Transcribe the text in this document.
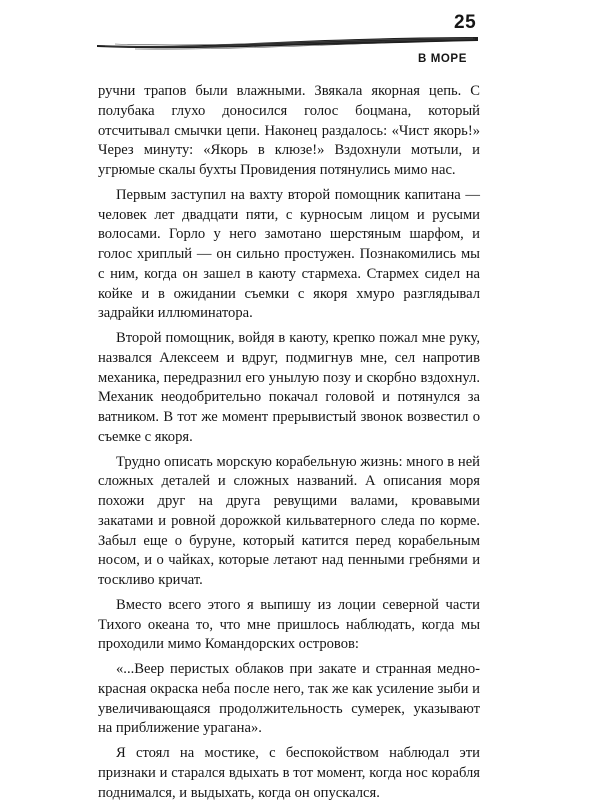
25
В МОРЕ

ручни трапов были влажными. Звякала якорная цепь. С полубака глухо доносился голос боцмана, который отсчитывал смычки цепи. Наконец раздалось: «Чист якорь!» Через минуту: «Якорь в клюзе!» Вздохнули мотыли, и угрюмые скалы бухты Провидения потянулись мимо нас.

Первым заступил на вахту второй помощник капитана — человек лет двадцати пяти, с курносым лицом и русыми волосами. Горло у него замотано шерстяным шарфом, и голос хриплый — он сильно простужен. Познакомились мы с ним, когда он зашел в каюту стармеха. Стармех сидел на койке и в ожидании съемки с якоря хмуро разглядывал задрайки иллюминатора.

Второй помощник, войдя в каюту, крепко пожал мне руку, назвался Алексеем и вдруг, подмигнув мне, сел напротив механика, передразнил его унылую позу и скорбно вздохнул. Механик неодобрительно покачал головой и потянулся за ватником. В тот же момент прерывистый звонок возвестил о съемке с якоря.

Трудно описать морскую корабельную жизнь: много в ней сложных деталей и сложных названий. А описания моря похожи друг на друга ревущими валами, кровавыми закатами и ровной дорожкой кильватерного следа по корме. Забыл еще о буруне, который катится перед корабельным носом, и о чайках, которые летают над пенными гребнями и тоскливо кричат.

Вместо всего этого я выпишу из лоции северной части Тихого океана то, что мне пришлось наблюдать, когда мы проходили мимо Командорских островов:

«...Веер перистых облаков при закате и странная медно-красная окраска неба после него, так же как усиление зыби и увеличивающаяся продолжительность сумерек, указывают на приближение урагана».

Я стоял на мостике, с беспокойством наблюдал эти признаки и старался вдыхать в тот момент, когда нос корабля поднимался, и выдыхать, когда он опускался.
